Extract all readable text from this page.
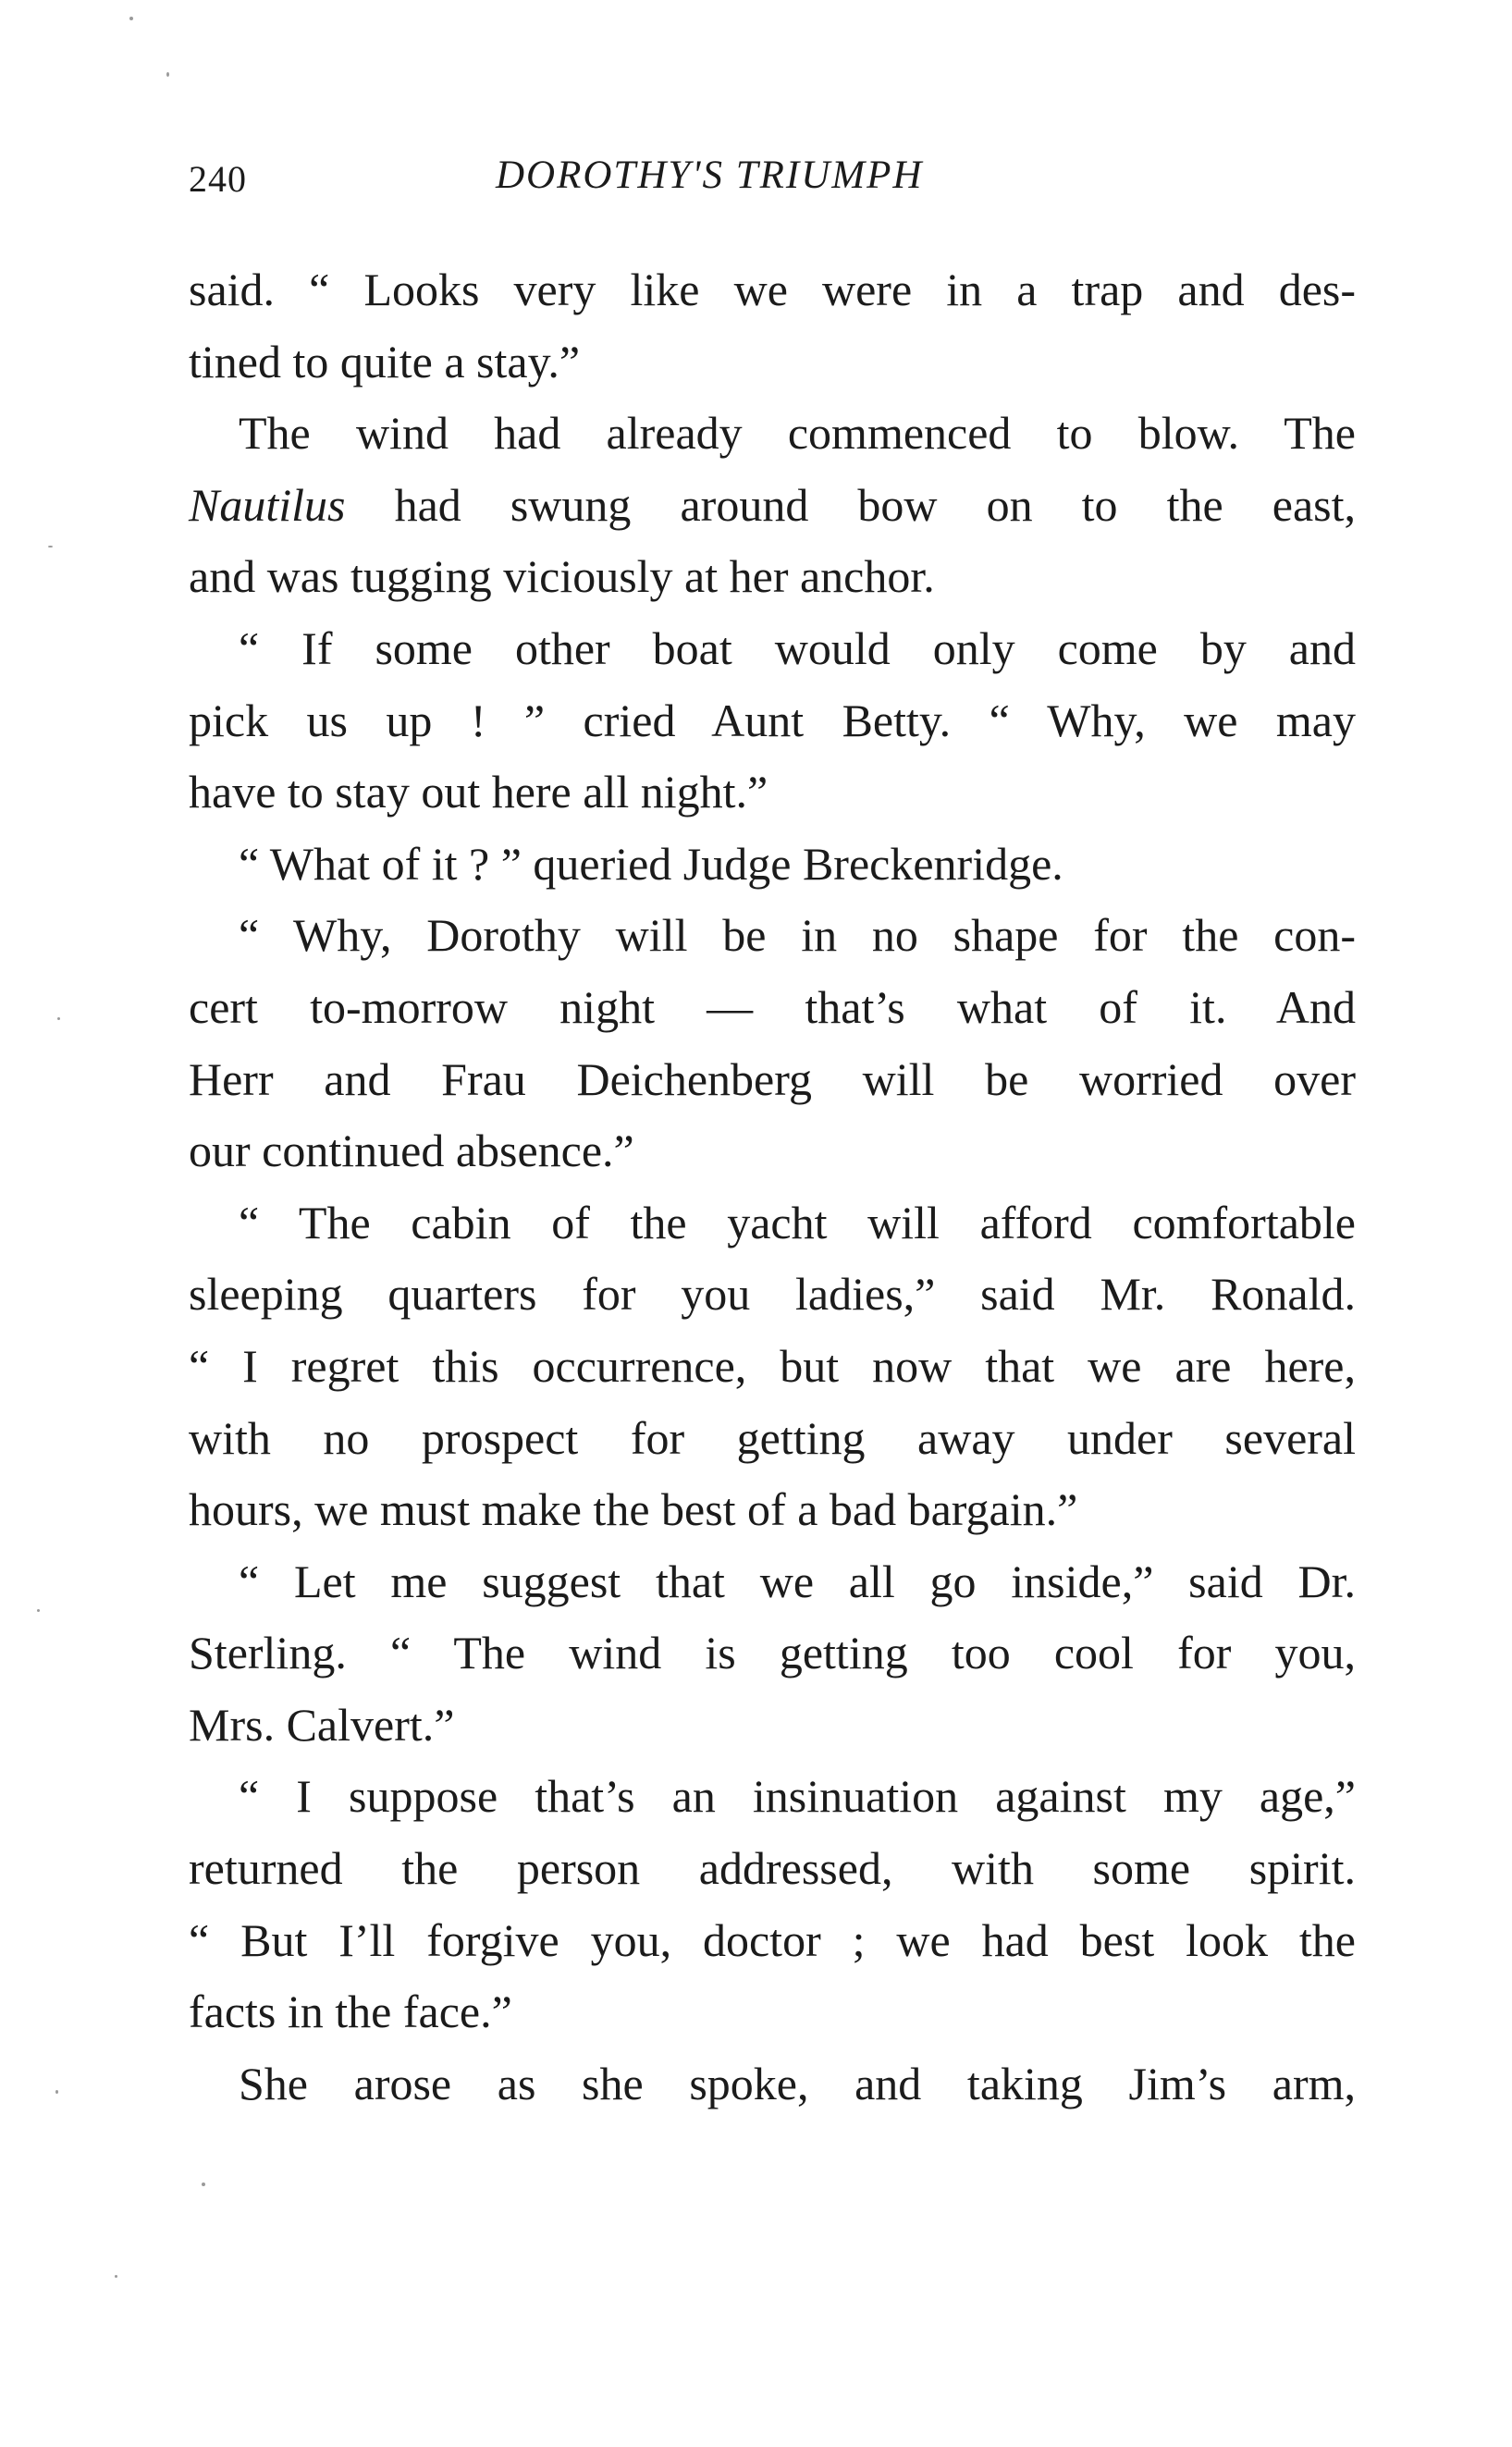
240	DOROTHY'S TRIUMPH
said. “ Looks very like we were in a trap and des-
tined to quite a stay.”
The wind had already commenced to blow. The
Nautilus had swung around bow on to the east,
and was tugging viciously at her anchor.
“ If some other boat would only come by and
pick us up ! ” cried Aunt Betty. “ Why, we may
have to stay out here all night.”
“ What of it ? ” queried Judge Breckenridge.
“ Why, Dorothy will be in no shape for the con-
cert to-morrow night — that’s what of it. And
Herr and Frau Deichenberg will be worried over
our continued absence.”
“ The cabin of the yacht will afford comfortable
sleeping quarters for you ladies,” said Mr. Ronald.
“ I regret this occurrence, but now that we are here,
with no prospect for getting away under several
hours, we must make the best of a bad bargain.”
“ Let me suggest that we all go inside,” said Dr.
Sterling. “ The wind is getting too cool for you,
Mrs. Calvert.”
“ I suppose that’s an insinuation against my age,”
returned the person addressed, with some spirit.
“ But I’ll forgive you, doctor ; we had best look the
facts in the face.”
She arose as she spoke, and taking Jim’s arm,
